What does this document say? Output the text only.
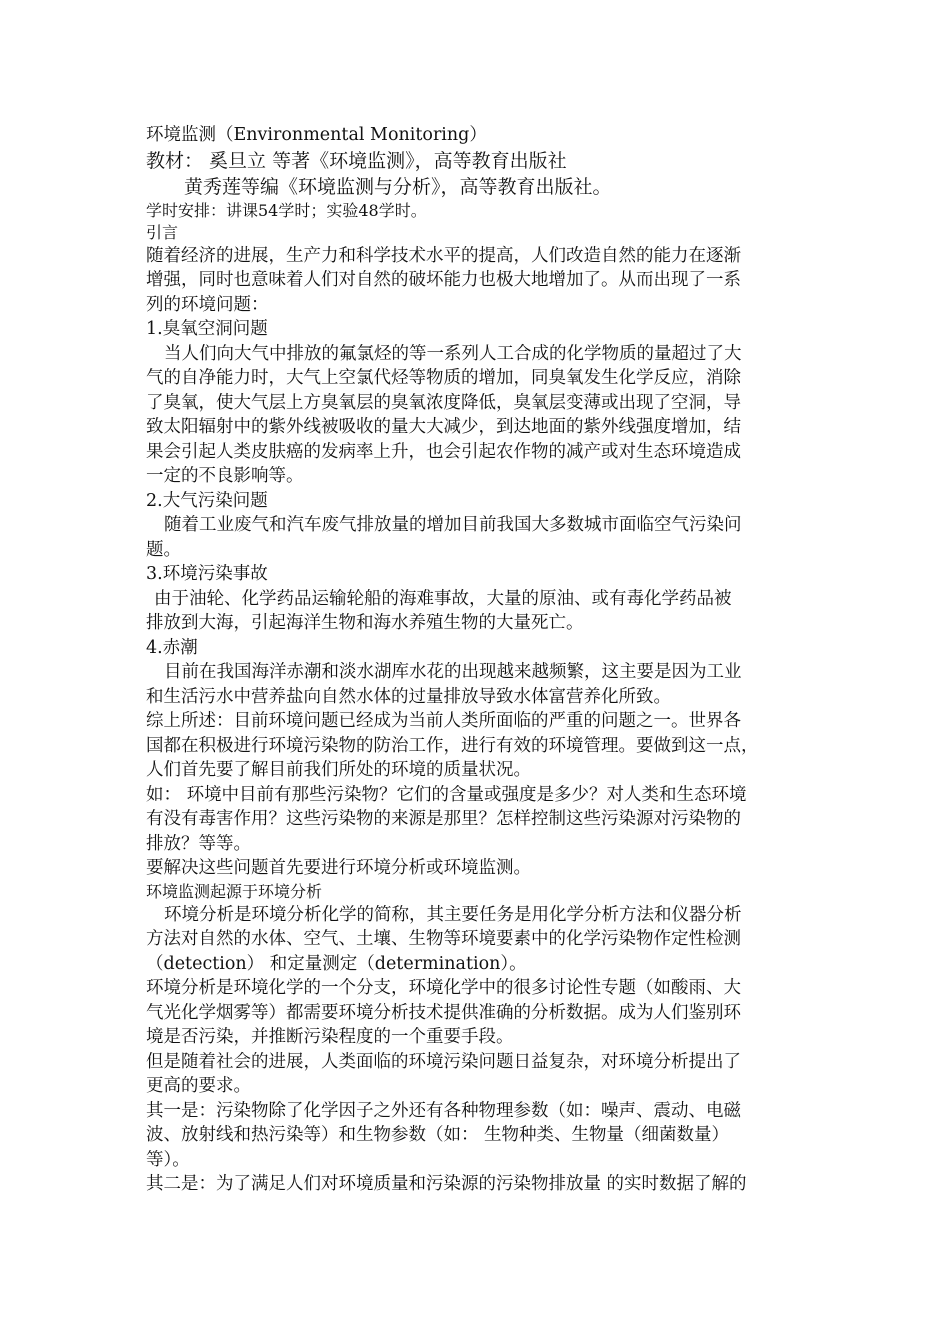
环境监测（Environmental Monitoring）
教材： 奚旦立 等著《环境监测》，高等教育出版社
黄秀莲等编《环境监测与分析》，高等教育出版社。
学时安排：讲课54学时；实验48学时。
引言
随着经济的进展，生产力和科学技术水平的提高，人们改造自然的能力在逐渐
增强，同时也意味着人们对自然的破坏能力也极大地增加了。从而出现了一系
列的环境问题：
1.臭氧空洞问题
当人们向大气中排放的氟氯烃的等一系列人工合成的化学物质的量超过了大
气的自净能力时，大气上空氯代烃等物质的增加，同臭氧发生化学反应，消除
了臭氧，使大气层上方臭氧层的臭氧浓度降低，臭氧层变薄或出现了空洞，导
致太阳辐射中的紫外线被吸收的量大大减少，到达地面的紫外线强度增加，结
果会引起人类皮肤癌的发病率上升，也会引起农作物的减产或对生态环境造成
一定的不良影响等。
2.大气污染问题
随着工业废气和汽车废气排放量的增加目前我国大多数城市面临空气污染问
题。
3.环境污染事故
由于油轮、化学药品运输轮船的海难事故，大量的原油、或有毒化学药品被
排放到大海，引起海洋生物和海水养殖生物的大量死亡。
4.赤潮
目前在我国海洋赤潮和淡水湖库水花的出现越来越频繁，这主要是因为工业
和生活污水中营养盐向自然水体的过量排放导致水体富营养化所致。
综上所述：目前环境问题已经成为当前人类所面临的严重的问题之一。世界各
国都在积极进行环境污染物的防治工作，进行有效的环境管理。要做到这一点，
人们首先要了解目前我们所处的环境的质量状况。
如： 环境中目前有那些污染物？它们的含量或强度是多少？对人类和生态环境
有没有毒害作用？这些污染物的来源是那里？怎样控制这些污染源对污染物的
排放？等等。
要解决这些问题首先要进行环境分析或环境监测。
环境监测起源于环境分析
环境分析是环境分析化学的简称，其主要任务是用化学分析方法和仪器分析
方法对自然的水体、空气、土壤、生物等环境要素中的化学污染物作定性检测
（detection） 和定量测定（determination）。
环境分析是环境化学的一个分支，环境化学中的很多讨论性专题（如酸雨、大
气光化学烟雾等）都需要环境分析技术提供准确的分析数据。成为人们鉴别环
境是否污染，并推断污染程度的一个重要手段。
但是随着社会的进展，人类面临的环境污染问题日益复杂，对环境分析提出了
更高的要求。
其一是：污染物除了化学因子之外还有各种物理参数（如：噪声、震动、电磁
波、放射线和热污染等）和生物参数（如： 生物种类、生物量（细菌数量）
等）。
其二是：为了满足人们对环境质量和污染源的污染物排放量 的实时数据了解的
